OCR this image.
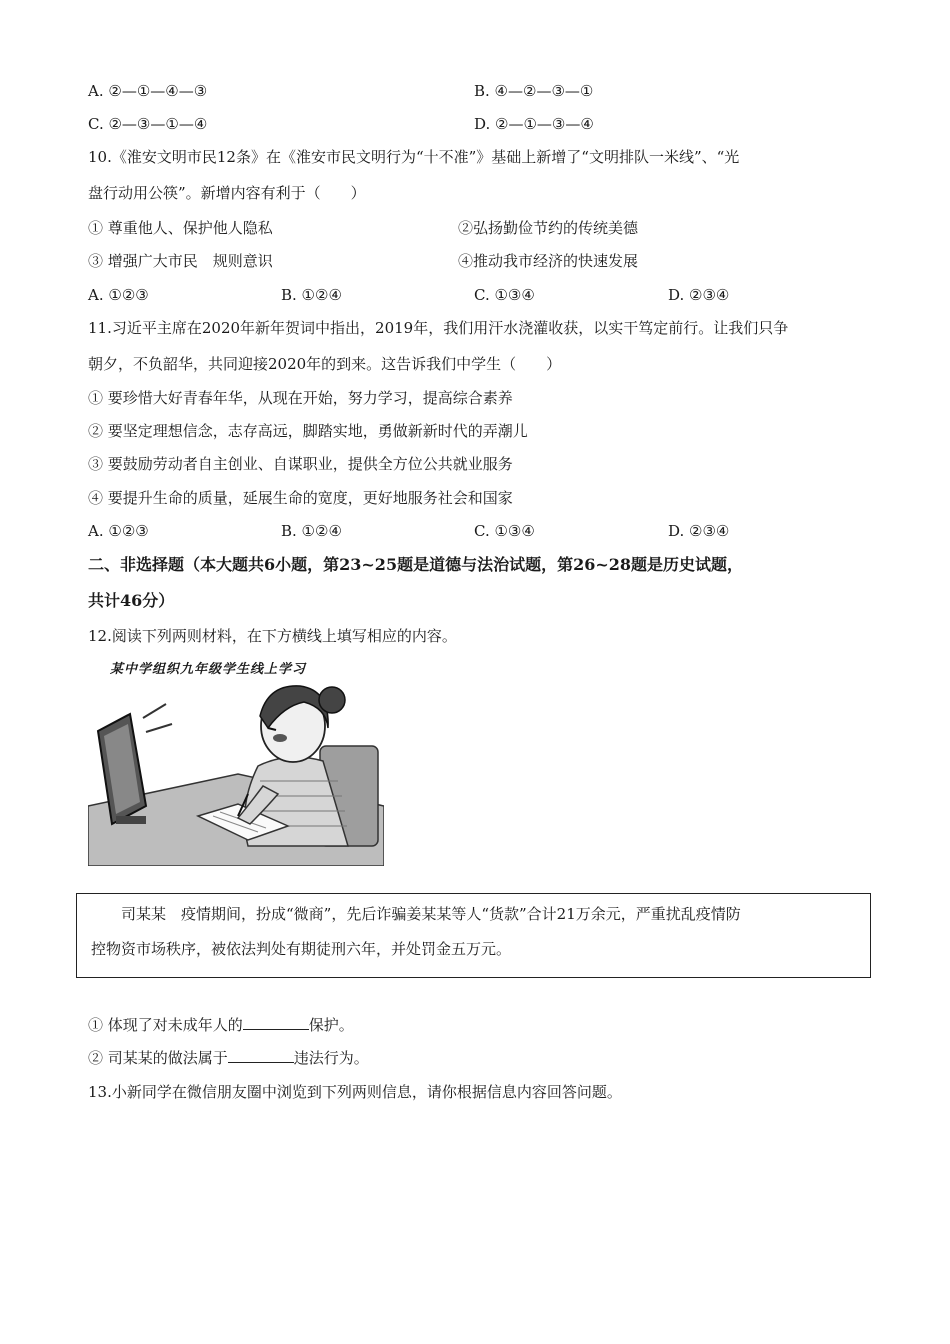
A. ②—①—④—③	B. ④—②—③—①
C. ②—③—①—④	D. ②—①—③—④
10.《淮安文明市民12条》在《淮安市民文明行为“十不准”》基础上新增了“文明排队一米线”、“光
盘行动用公筷”。新增内容有利于（　　）
① 尊重他人、保护他人隐私	②弘扬勤俭节约的传统美德
③ 增强广大市民　规则意识	④推动我市经济的快速发展
A. ①②③	B. ①②④	C. ①③④	D. ②③④
11.习近平主席在2020年新年贺词中指出，2019年，我们用汗水浇灌收获，以实干笃定前行。让我们只争
朝夕，不负韶华，共同迎接2020年的到来。这告诉我们中学生（　　）
① 要珍惜大好青春年华，从现在开始，努力学习，提高综合素养
② 要坚定理想信念，志存高远，脚踏实地，勇做新新时代的弄潮儿
③ 要鼓励劳动者自主创业、自谋职业，提供全方位公共就业服务
④ 要提升生命的质量，延展生命的宽度，更好地服务社会和国家
A. ①②③	B. ①②④	C. ①③④	D. ②③④
二、非选择题（本大题共6小题，第23~25题是道德与法治试题，第26~28题是历史试题，
共计46分）
12.阅读下列两则材料，在下方横线上填写相应的内容。
某中学组织九年级学生线上学习

司某某　疫情期间，扮成“微商”，先后诈骗姜某某等人“货款”合计21万余元，严重扰乱疫情防

控物资市场秩序，被依法判处有期徒刑六年，并处罚金五万元。

① 体现了对未成年人的	保护。
② 司某某的做法属于	违法行为。
13.小新同学在微信朋友圈中浏览到下列两则信息，请你根据信息内容回答问题。
